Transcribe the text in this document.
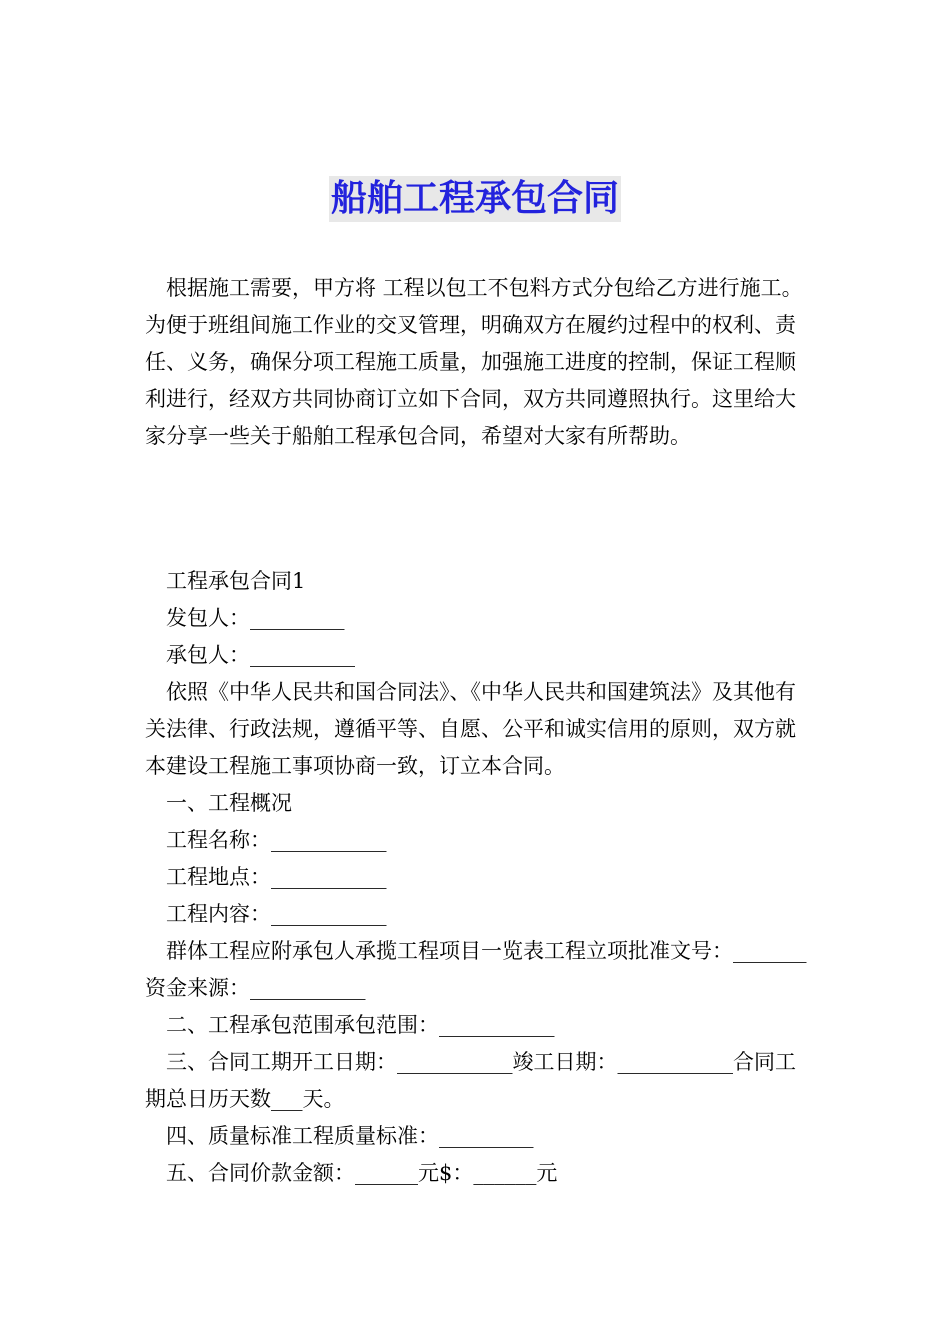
船舶工程承包合同

根据施工需要，甲方将 工程以包工不包料方式分包给乙方进行施工。为便于班组间施工作业的交叉管理，明确双方在履约过程中的权利、责任、义务，确保分项工程施工质量，加强施工进度的控制，保证工程顺利进行，经双方共同协商订立如下合同，双方共同遵照执行。这里给大家分享一些关于船舶工程承包合同，希望对大家有所帮助。

工程承包合同1

发包人：_________

承包人：__________

依照《中华人民共和国合同法》、《中华人民共和国建筑法》及其他有关法律、行政法规，遵循平等、自愿、公平和诚实信用的原则，双方就本建设工程施工事项协商一致，订立本合同。

一、工程概况

工程名称：___________

工程地点：___________

工程内容：___________

群体工程应附承包人承揽工程项目一览表工程立项批准文号：_______资金来源：___________

二、工程承包范围承包范围：___________

三、合同工期开工日期：___________竣工日期：___________合同工期总日历天数___天。

四、质量标准工程质量标准：_________

五、合同价款金额：______元$：______元
